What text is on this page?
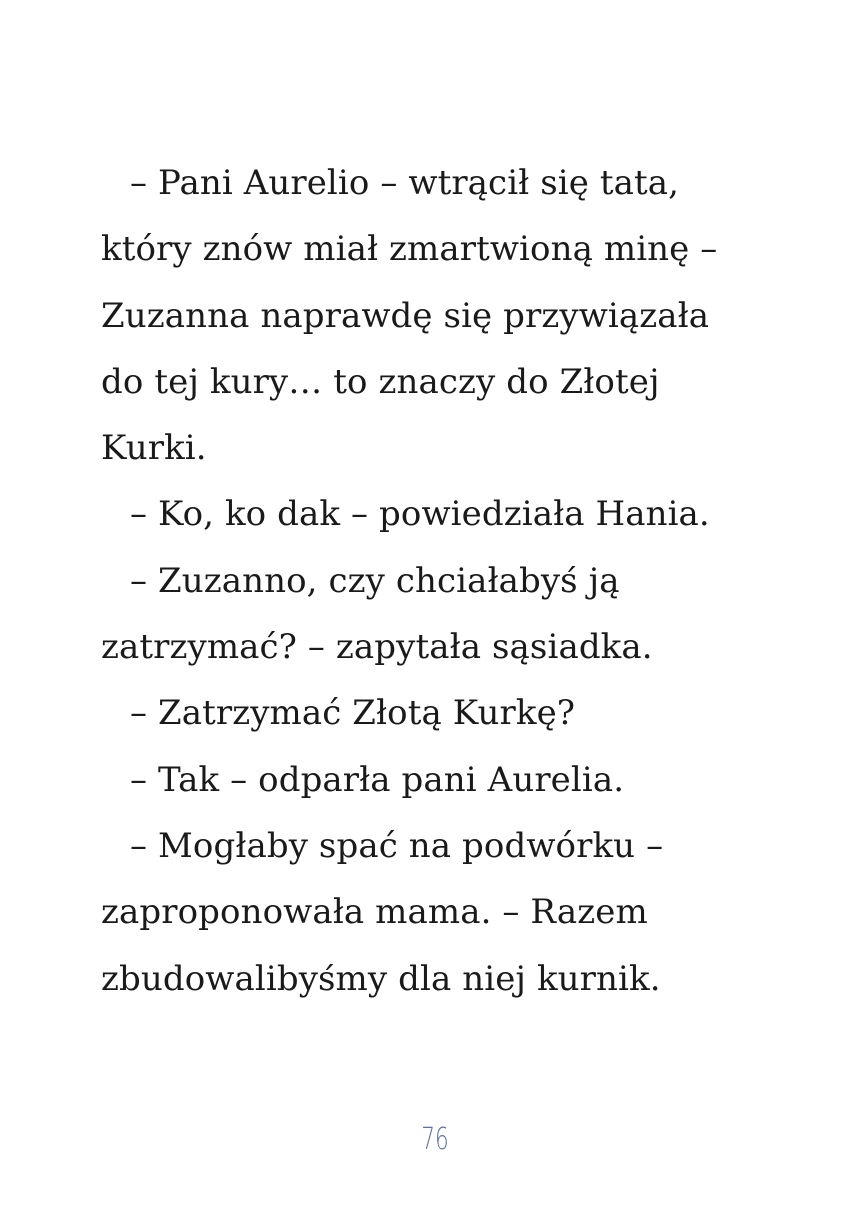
– Pani Aurelio – wtrącił się tata,
który znów miał zmartwioną minę –
Zuzanna naprawdę się przywiązała
do tej kury… to znaczy do Złotej
Kurki.
– Ko, ko dak – powiedziała Hania.
– Zuzanno, czy chciałabyś ją
zatrzymać? – zapytała sąsiadka.
– Zatrzymać Złotą Kurkę?
– Tak – odparła pani Aurelia.
– Mogłaby spać na podwórku –
zaproponowała mama. – Razem
zbudowalibyśmy dla niej kurnik.
76
